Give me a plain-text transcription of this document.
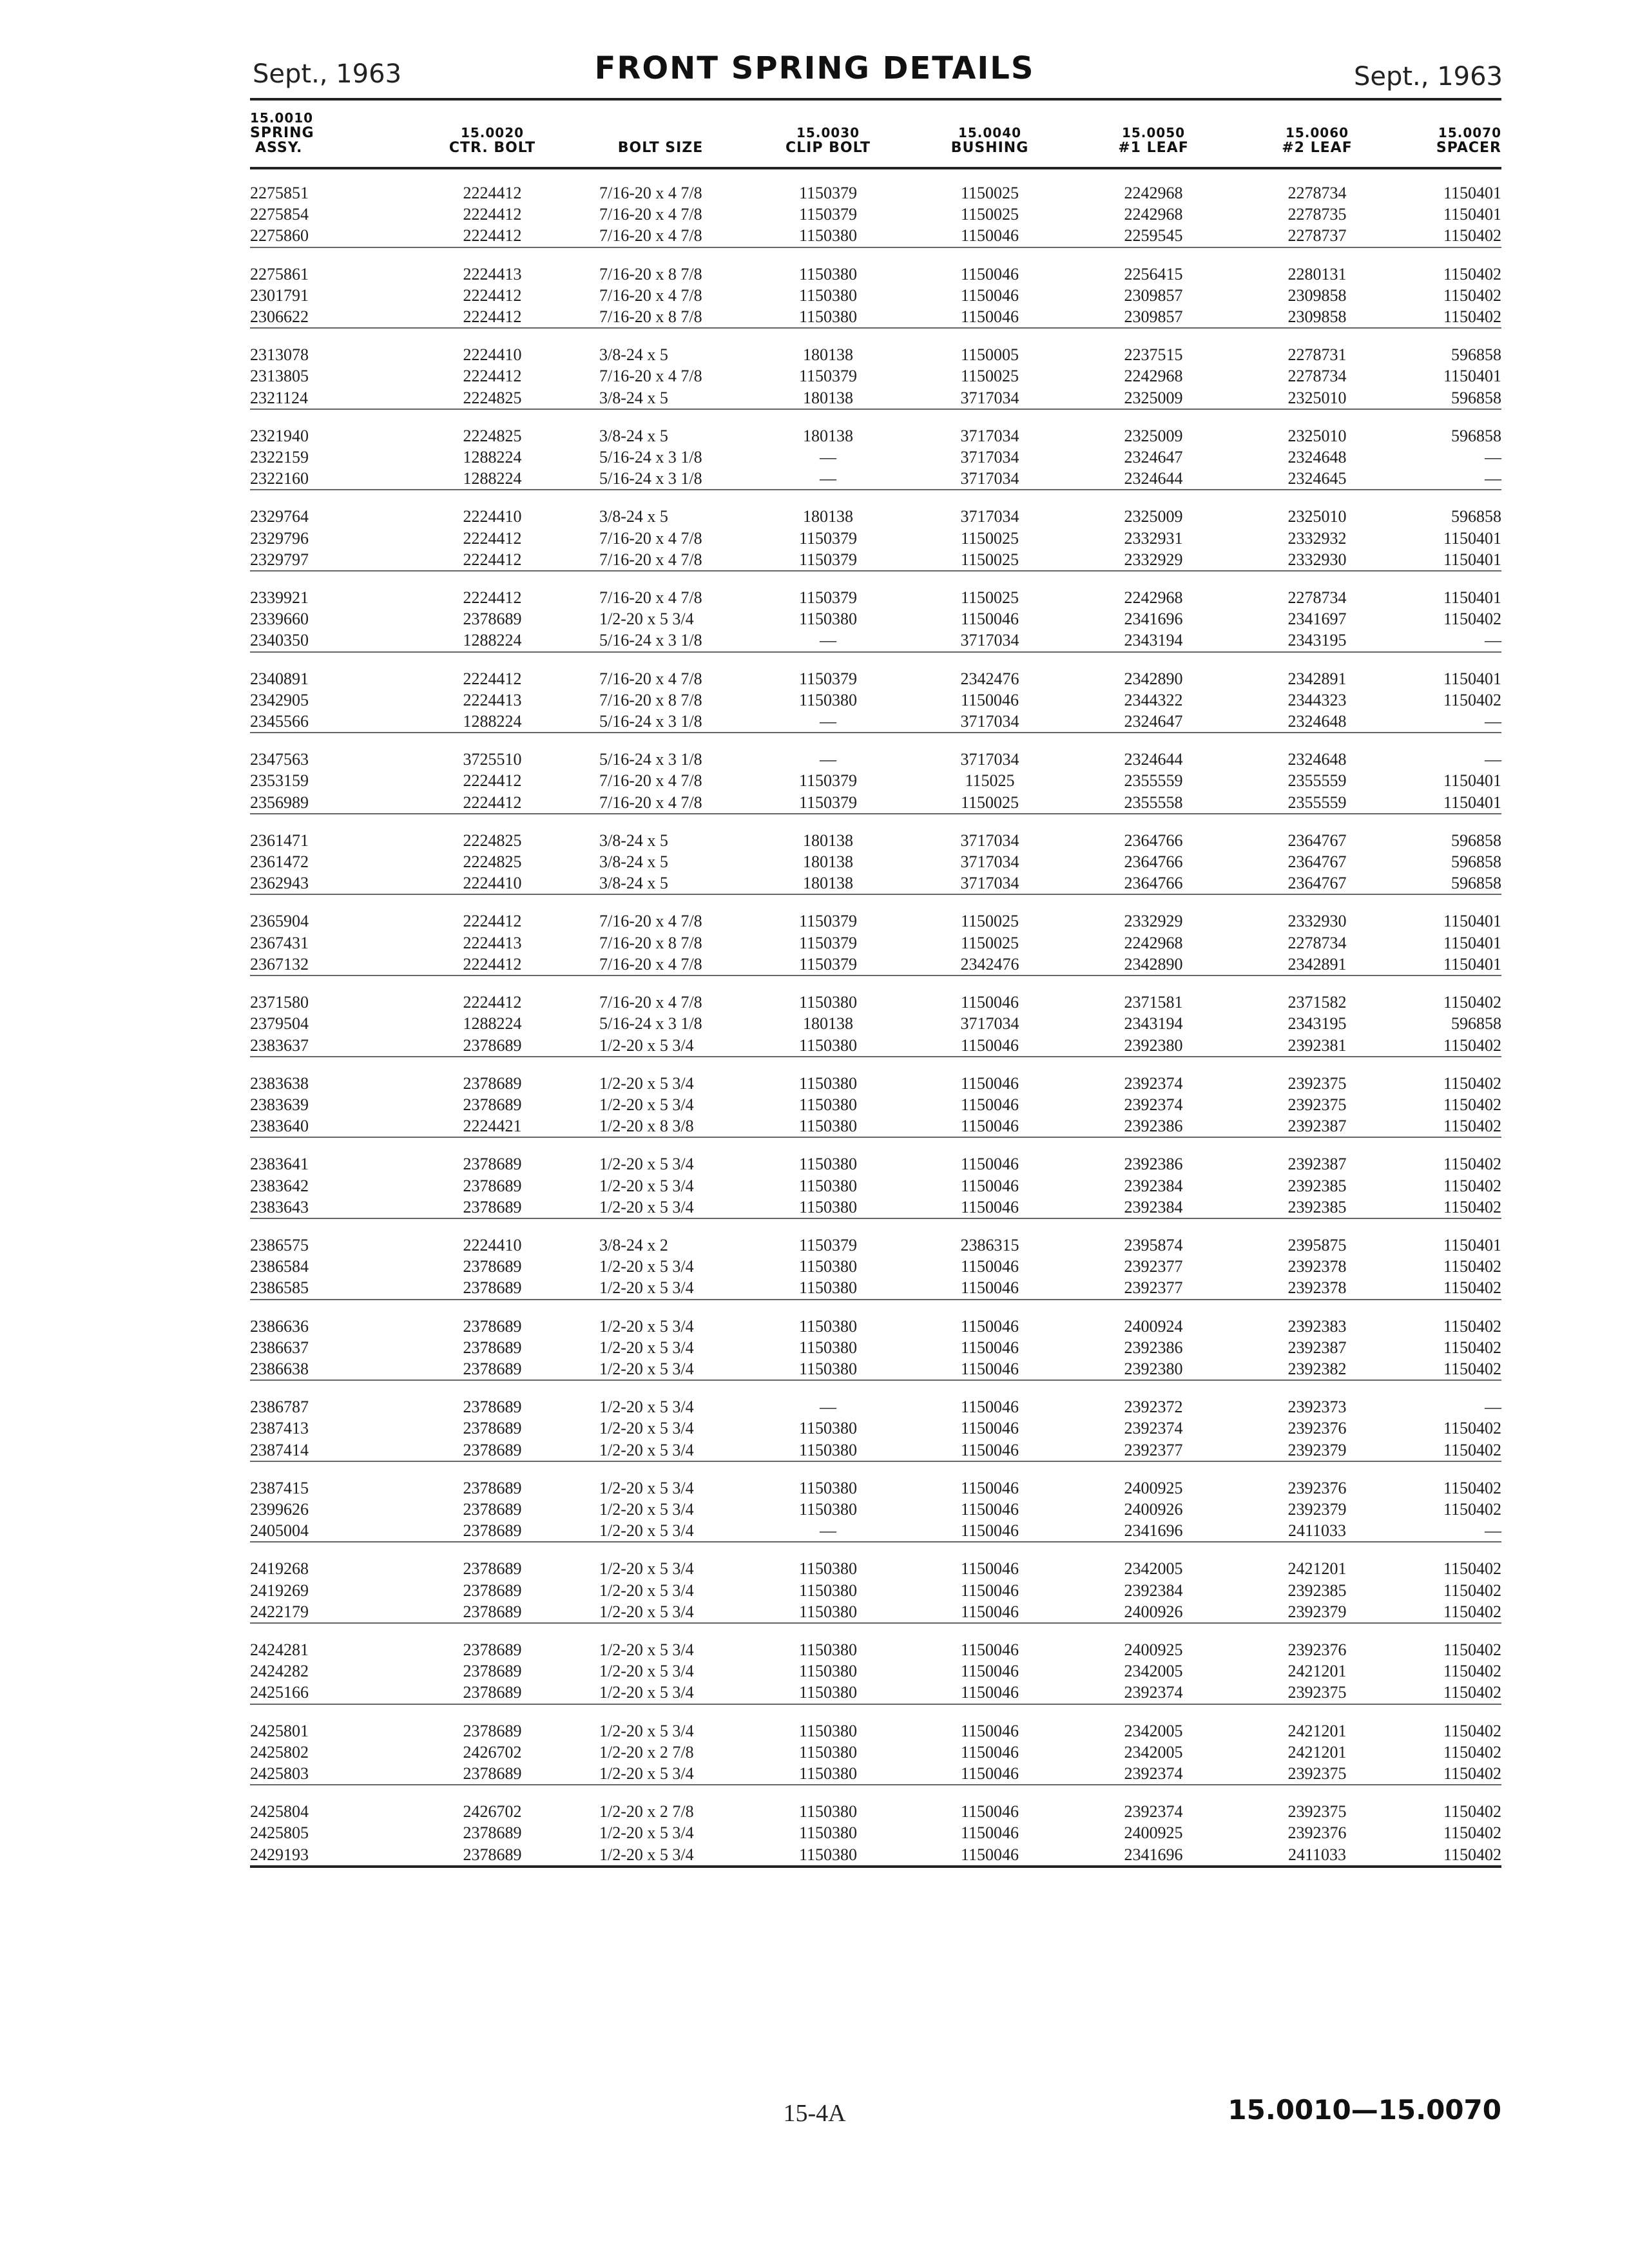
Sept., 1963	FRONT SPRING DETAILS	Sept., 1963
15.0010
SPRING
ASSY.	15.0020
CTR. BOLT	BOLT SIZE	15.0030
CLIP BOLT	15.0040
BUSHING	15.0050
#1 LEAF	15.0060
#2 LEAF	15.0070
SPACER

2275851	2224412	7/16-20 x 4 7/8	1150379	1150025	2242968	2278734	1150401
2275854	2224412	7/16-20 x 4 7/8	1150379	1150025	2242968	2278735	1150401
2275860	2224412	7/16-20 x 4 7/8	1150380	1150046	2259545	2278737	1150402
2275861	2224413	7/16-20 x 8 7/8	1150380	1150046	2256415	2280131	1150402
2301791	2224412	7/16-20 x 4 7/8	1150380	1150046	2309857	2309858	1150402
2306622	2224412	7/16-20 x 8 7/8	1150380	1150046	2309857	2309858	1150402
2313078	2224410	3/8-24 x 5	180138	1150005	2237515	2278731	596858
2313805	2224412	7/16-20 x 4 7/8	1150379	1150025	2242968	2278734	1150401
2321124	2224825	3/8-24 x 5	180138	3717034	2325009	2325010	596858
2321940	2224825	3/8-24 x 5	180138	3717034	2325009	2325010	596858
2322159	1288224	5/16-24 x 3 1/8	—	3717034	2324647	2324648	—
2322160	1288224	5/16-24 x 3 1/8	—	3717034	2324644	2324645	—
2329764	2224410	3/8-24 x 5	180138	3717034	2325009	2325010	596858
2329796	2224412	7/16-20 x 4 7/8	1150379	1150025	2332931	2332932	1150401
2329797	2224412	7/16-20 x 4 7/8	1150379	1150025	2332929	2332930	1150401
2339921	2224412	7/16-20 x 4 7/8	1150379	1150025	2242968	2278734	1150401
2339660	2378689	1/2-20 x 5 3/4	1150380	1150046	2341696	2341697	1150402
2340350	1288224	5/16-24 x 3 1/8	—	3717034	2343194	2343195	—
2340891	2224412	7/16-20 x 4 7/8	1150379	2342476	2342890	2342891	1150401
2342905	2224413	7/16-20 x 8 7/8	1150380	1150046	2344322	2344323	1150402
2345566	1288224	5/16-24 x 3 1/8	—	3717034	2324647	2324648	—
2347563	3725510	5/16-24 x 3 1/8	—	3717034	2324644	2324648	—
2353159	2224412	7/16-20 x 4 7/8	1150379	115025	2355559	2355559	1150401
2356989	2224412	7/16-20 x 4 7/8	1150379	1150025	2355558	2355559	1150401
2361471	2224825	3/8-24 x 5	180138	3717034	2364766	2364767	596858
2361472	2224825	3/8-24 x 5	180138	3717034	2364766	2364767	596858
2362943	2224410	3/8-24 x 5	180138	3717034	2364766	2364767	596858
2365904	2224412	7/16-20 x 4 7/8	1150379	1150025	2332929	2332930	1150401
2367431	2224413	7/16-20 x 8 7/8	1150379	1150025	2242968	2278734	1150401
2367132	2224412	7/16-20 x 4 7/8	1150379	2342476	2342890	2342891	1150401
2371580	2224412	7/16-20 x 4 7/8	1150380	1150046	2371581	2371582	1150402
2379504	1288224	5/16-24 x 3 1/8	180138	3717034	2343194	2343195	596858
2383637	2378689	1/2-20 x 5 3/4	1150380	1150046	2392380	2392381	1150402
2383638	2378689	1/2-20 x 5 3/4	1150380	1150046	2392374	2392375	1150402
2383639	2378689	1/2-20 x 5 3/4	1150380	1150046	2392374	2392375	1150402
2383640	2224421	1/2-20 x 8 3/8	1150380	1150046	2392386	2392387	1150402
2383641	2378689	1/2-20 x 5 3/4	1150380	1150046	2392386	2392387	1150402
2383642	2378689	1/2-20 x 5 3/4	1150380	1150046	2392384	2392385	1150402
2383643	2378689	1/2-20 x 5 3/4	1150380	1150046	2392384	2392385	1150402
2386575	2224410	3/8-24 x 2	1150379	2386315	2395874	2395875	1150401
2386584	2378689	1/2-20 x 5 3/4	1150380	1150046	2392377	2392378	1150402
2386585	2378689	1/2-20 x 5 3/4	1150380	1150046	2392377	2392378	1150402
2386636	2378689	1/2-20 x 5 3/4	1150380	1150046	2400924	2392383	1150402
2386637	2378689	1/2-20 x 5 3/4	1150380	1150046	2392386	2392387	1150402
2386638	2378689	1/2-20 x 5 3/4	1150380	1150046	2392380	2392382	1150402
2386787	2378689	1/2-20 x 5 3/4	—	1150046	2392372	2392373	—
2387413	2378689	1/2-20 x 5 3/4	1150380	1150046	2392374	2392376	1150402
2387414	2378689	1/2-20 x 5 3/4	1150380	1150046	2392377	2392379	1150402
2387415	2378689	1/2-20 x 5 3/4	1150380	1150046	2400925	2392376	1150402
2399626	2378689	1/2-20 x 5 3/4	1150380	1150046	2400926	2392379	1150402
2405004	2378689	1/2-20 x 5 3/4	—	1150046	2341696	2411033	—
2419268	2378689	1/2-20 x 5 3/4	1150380	1150046	2342005	2421201	1150402
2419269	2378689	1/2-20 x 5 3/4	1150380	1150046	2392384	2392385	1150402
2422179	2378689	1/2-20 x 5 3/4	1150380	1150046	2400926	2392379	1150402
2424281	2378689	1/2-20 x 5 3/4	1150380	1150046	2400925	2392376	1150402
2424282	2378689	1/2-20 x 5 3/4	1150380	1150046	2342005	2421201	1150402
2425166	2378689	1/2-20 x 5 3/4	1150380	1150046	2392374	2392375	1150402
2425801	2378689	1/2-20 x 5 3/4	1150380	1150046	2342005	2421201	1150402
2425802	2426702	1/2-20 x 2 7/8	1150380	1150046	2342005	2421201	1150402
2425803	2378689	1/2-20 x 5 3/4	1150380	1150046	2392374	2392375	1150402
2425804	2426702	1/2-20 x 2 7/8	1150380	1150046	2392374	2392375	1150402
2425805	2378689	1/2-20 x 5 3/4	1150380	1150046	2400925	2392376	1150402
2429193	2378689	1/2-20 x 5 3/4	1150380	1150046	2341696	2411033	1150402
15-4A	15.0010—15.0070
